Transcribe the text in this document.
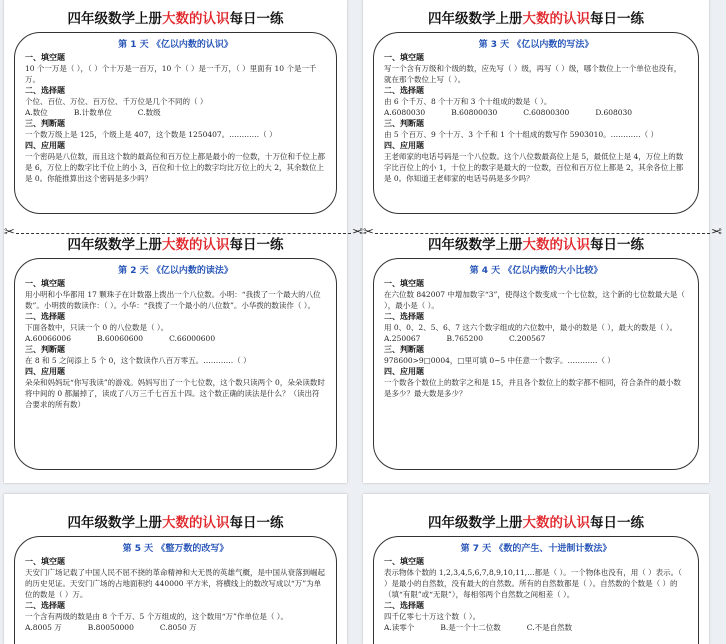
四年级数学上册大数的认识每日一练
第 1 天 《亿以内数的认识》
一、填空题
10 个一万是（ ），（ ）个十万是一百万，10 个（ ）是一千万，（ ）里面有 10 个是一千万。
二、选择题
个位、百位、万位、百万位、千万位是几个不同的（ ）
A.数位	B.计数单位	C.数级
三、判断题
一个数万级上是 125，个级上是 407，这个数是 1250407。…………（ ）
四、应用题
一个密码是八位数，而且这个数的最高位和百万位上都是最小的一位数，十万位和千位上都是 6，万位上的数字比千位上的小 3，百位和十位上的数字均比万位上的大 2，其余数位上是 0。你能推算出这个密码是多少吗？
四年级数学上册大数的认识每日一练
第 2 天 《亿以内数的读法》
一、填空题
用小明和小华都用 17 颗珠子在计数器上拨出一个八位数。小明：“我拨了一个最大的八位数”。小明拨的数读作：（ ）。小华：“我拨了一个最小的八位数”。小华拨的数读作（ ）。
二、选择题
下面各数中，只读一个 0 的八位数是（ ）。
A.60066006	B.60060600	C.66000600
三、判断题
在 8 和 5 之间添上 5 个 0，这个数读作八百万零五。…………（ ）
四、应用题
朵朵和妈妈玩“你写我读”的游戏。妈妈写出了一个七位数，这个数只读两个 0，朵朵读数时将中间的 0 都漏掉了，读成了八万三千七百五十四。这个数正确的读法是什么？（读出符合要求的所有数）
四年级数学上册大数的认识每日一练
第 3 天 《亿以内数的写法》
一、填空题
写一个含有万级和个级的数，应先写（ ）级，再写（ ）级，哪个数位上一个单位也没有，就在那个数位上写（ ）。
二、选择题
由 6 个千万、8 个十万和 3 个十组成的数是（ ）。
A.6080030	B.60800030	C.60800300	D.608030
三、判断题
由 5 个百万、9 个十万、3 个千和 1 个十组成的数写作 5903010。…………（ ）
四、应用题
王老师家的电话号码是一个八位数。这个八位数最高位上是 5，最低位上是 4，万位上的数字比百位上的小 1，十位上的数字是最大的一位数，百位和百万位上都是 2，其余各位上都是 0。你知道王老师家的电话号码是多少吗？
四年级数学上册大数的认识每日一练
第 4 天 《亿以内数的大小比较》
一、填空题
在六位数 842007 中增加数字“3”，使得这个数变成一个七位数，这个新的七位数最大是（ ），最小是（ ）。
二、选择题
用 0、0、2、5、6、7 这六个数字组成的六位数中，最小的数是（ ），最大的数是（ ）。
A.250067	B.765200	C.200567
三、判断题
978600>9□0004，□里可填 0~5 中任意一个数字。…………（ ）
四、应用题
一个数各个数位上的数字之和是 15，并且各个数位上的数字都不相同，符合条件的最小数是多少？最大数是多少？
✂	✂ ✂	✂
四年级数学上册大数的认识每日一练
第 5 天 《整万数的改写》
一、填空题
天安门广场记载了中国人民不屈不挠的革命精神和大无畏的英雄气概，是中国从衰落到崛起的历史见证。天安门广场的占地面积约 440000 平方米，将横线上的数改写成以“万”为单位的数是（ ）万。
二、选择题
一个含有两级的数是由 8 个千万、5 个万组成的，这个数用“万”作单位是（ ）。
A.8005 万	B.80050000	C.8050 万
四年级数学上册大数的认识每日一练
第 7 天 《数的产生、十进制计数法》
一、填空题
表示物体个数的 1,2,3,4,5,6,7,8,9,10,11,…都是（ ）。一个物体也没有，用（ ）表示。（ ）是最小的自然数，没有最大的自然数。所有的自然数都是（ ）。自然数的个数是（ ）的（填“有限”或“无限”），每相邻两个自然数之间相差（ ）。
二、选择题
四千亿零七十万这个数（ ）。
A.读零个	B.是一个十二位数	C.不是自然数
